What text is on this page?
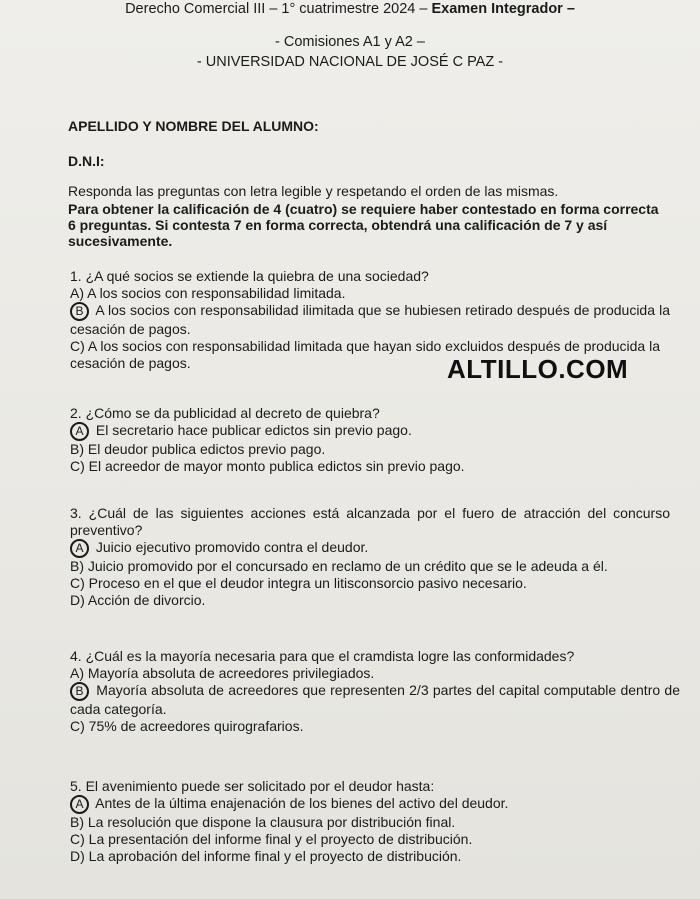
Derecho Comercial III – 1° cuatrimestre 2024 – Examen Integrador –
- Comisiones A1 y A2 –
- UNIVERSIDAD NACIONAL DE JOSÉ C PAZ -
APELLIDO Y NOMBRE DEL ALUMNO:
D.N.I:
Responda las preguntas con letra legible y respetando el orden de las mismas.
Para obtener la calificación de 4 (cuatro) se requiere haber contestado en forma correcta 6 preguntas. Si contesta 7 en forma correcta, obtendrá una calificación de 7 y así sucesivamente.
ALTILLO.COM
1. ¿A qué socios se extiende la quiebra de una sociedad?
A) A los socios con responsabilidad limitada.
B A los socios con responsabilidad ilimitada que se hubiesen retirado después de producida la cesación de pagos.
C) A los socios con responsabilidad limitada que hayan sido excluidos después de producida la cesación de pagos.
2. ¿Cómo se da publicidad al decreto de quiebra?
A El secretario hace publicar edictos sin previo pago.
B) El deudor publica edictos previo pago.
C) El acreedor de mayor monto publica edictos sin previo pago.
3. ¿Cuál de las siguientes acciones está alcanzada por el fuero de atracción del concurso preventivo?
A Juicio ejecutivo promovido contra el deudor.
B) Juicio promovido por el concursado en reclamo de un crédito que se le adeuda a él.
C) Proceso en el que el deudor integra un litisconsorcio pasivo necesario.
D) Acción de divorcio.
4. ¿Cuál es la mayoría necesaria para que el cramdista logre las conformidades?
A) Mayoría absoluta de acreedores privilegiados.
B Mayoría absoluta de acreedores que representen 2/3 partes del capital computable dentro de cada categoría.
C) 75% de acreedores quirografarios.
5. El avenimiento puede ser solicitado por el deudor hasta:
A Antes de la última enajenación de los bienes del activo del deudor.
B) La resolución que dispone la clausura por distribución final.
C) La presentación del informe final y el proyecto de distribución.
D) La aprobación del informe final y el proyecto de distribución.
